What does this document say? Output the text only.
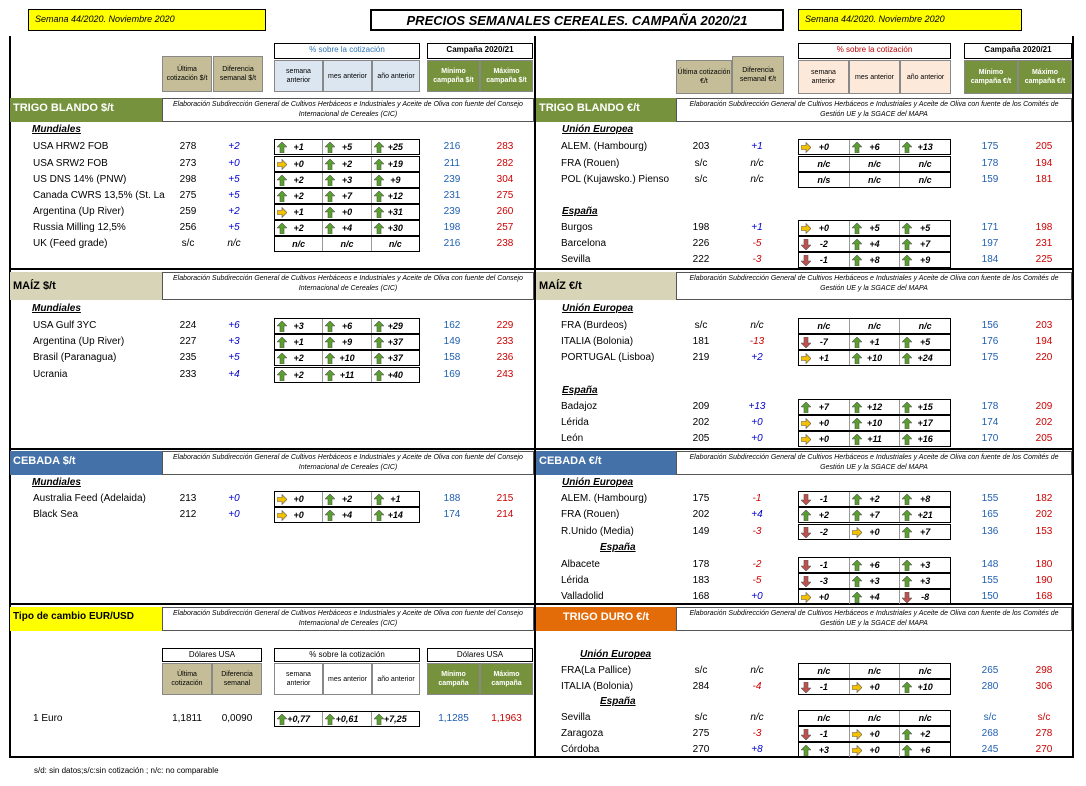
Semana 44/2020. Noviembre 2020	PRECIOS SEMANALES CEREALES. CAMPAÑA 2020/21	Semana 44/2020. Noviembre 2020
Última cotización $/t
Diferencia semanal $/t
% sobre la cotización
semana anterior
mes anterior	año anterior
Campaña 2020/21
Mínimo campaña $/t
Máximo campaña $/t
Última cotización €/t
Diferencia semanal €/t
% sobre la cotización
semana anterior
mes anterior	año anterior
Campaña 2020/21
Mínimo campaña €/t
Máximo campaña €/t
TRIGO BLANDO $/t	Elaboración Subdirección General de Cultivos Herbáceos e Industriales y Aceite de Oliva con fuente del Consejo Internacional de Cereales (CIC)
TRIGO BLANDO €/t	Elaboración Subdirección General de Cultivos Herbáceos e Industriales y Aceite de Oliva con fuente de los Comités de Gestión UE y la SGACE del MAPA
MAÍZ $/t
Elaboración Subdirección General de Cultivos Herbáceos e Industriales y Aceite de Oliva con fuente del Consejo Internacional de Cereales (CIC)	MAÍZ €/t
Elaboración Subdirección General de Cultivos Herbáceos e Industriales y Aceite de Oliva con fuente de los Comités de Gestión UE y la SGACE del MAPA
CEBADA $/t	Elaboración Subdirección General de Cultivos Herbáceos e Industriales y Aceite de Oliva con fuente del Consejo Internacional de Cereales (CIC)
CEBADA €/t	Elaboración Subdirección General de Cultivos Herbáceos e Industriales y Aceite de Oliva con fuente de los Comités de Gestión UE y la SGACE del MAPA
Tipo de cambio EUR/USD	Elaboración Subdirección General de Cultivos Herbáceos e Industriales y Aceite de Oliva con fuente del Consejo Internacional de Cereales (CIC)
TRIGO DURO €/t	Elaboración Subdirección General de Cultivos Herbáceos e Industriales y Aceite de Oliva con fuente de los Comités de Gestión UE y la SGACE del MAPA
Mundiales	Unión Europea
España
Mundiales	Unión Europea
España
Mundiales	Unión Europea
España
Unión Europea
España
Dólares USA
Última cotización
Diferencia semanal
% sobre la cotización
semana anterior
mes anterior	año anterior
Dólares USA
Mínimo campaña
Máximo campaña
USA HRW2 FOB	278	+2	+1	+5	+25	216	283
USA SRW2 FOB	273	+0	+0	+2	+19	211	282
US DNS 14% (PNW)	298	+5	+2	+3	+9	239	304
Canada CWRS 13,5% (St. La	275	+5	+2	+7	+12	231	275
Argentina (Up River)	259	+2	+1	+0	+31	239	260
Russia Milling 12,5%	256	+5	+2	+4	+30	198	257
UK (Feed grade)	s/c	n/c	n/c	n/c	n/c	216	238
ALEM. (Hambourg)	203	+1	+0	+6	+13	175	205
FRA (Rouen)	s/c	n/c	n/c	n/c	n/c	178	194
POL (Kujawsko.) Pienso	s/c	n/c	n/s	n/c	n/c	159	181
Burgos	198	+1	+0	+5	+5	171	198
Barcelona	226	-5	-2	+4	+7	197	231
Sevilla	222	-3	-1	+8	+9	184	225
USA Gulf 3YC	224	+6	+3	+6	+29	162	229
Argentina (Up River)	227	+3	+1	+9	+37	149	233
Brasil (Paranagua)	235	+5	+2	+10	+37	158	236
Ucrania	233	+4	+2	+11	+40	169	243
FRA (Burdeos)	s/c	n/c	n/c	n/c	n/c	156	203
ITALIA (Bolonia)	181	-13	-7	+1	+5	176	194
PORTUGAL (Lisboa)	219	+2	+1	+10	+24	175	220
Badajoz	209	+13	+7	+12	+15	178	209
Lérida	202	+0	+0	+10	+17	174	202
León	205	+0	+0	+11	+16	170	205
Australia Feed (Adelaida)	213	+0	+0	+2	+1	188	215
Black Sea	212	+0	+0	+4	+14	174	214
ALEM. (Hambourg)	175	-1	-1	+2	+8	155	182
FRA (Rouen)	202	+4	+2	+7	+21	165	202
R.Unido (Media)	149	-3	-2	+0	+7	136	153
Albacete	178	-2	-1	+6	+3	148	180
Lérida	183	-5	-3	+3	+3	155	190
Valladolid	168	+0	+0	+4	-8	150	168
FRA(La Pallice)	s/c	n/c	n/c	n/c	n/c	265	298
ITALIA (Bolonia)	284	-4	-1	+0	+10	280	306
Sevilla	s/c	n/c	n/c	n/c	n/c	s/c	s/c
Zaragoza	275	-3	-1	+0	+2	268	278
Córdoba	270	+8	+3	+0	+6	245	270
1 Euro	1,1811	0,0090	+0,77	+0,61	+7,25	1,1285	1,1963
s/d: sin datos;s/c:sin cotización ; n/c: no comparable
